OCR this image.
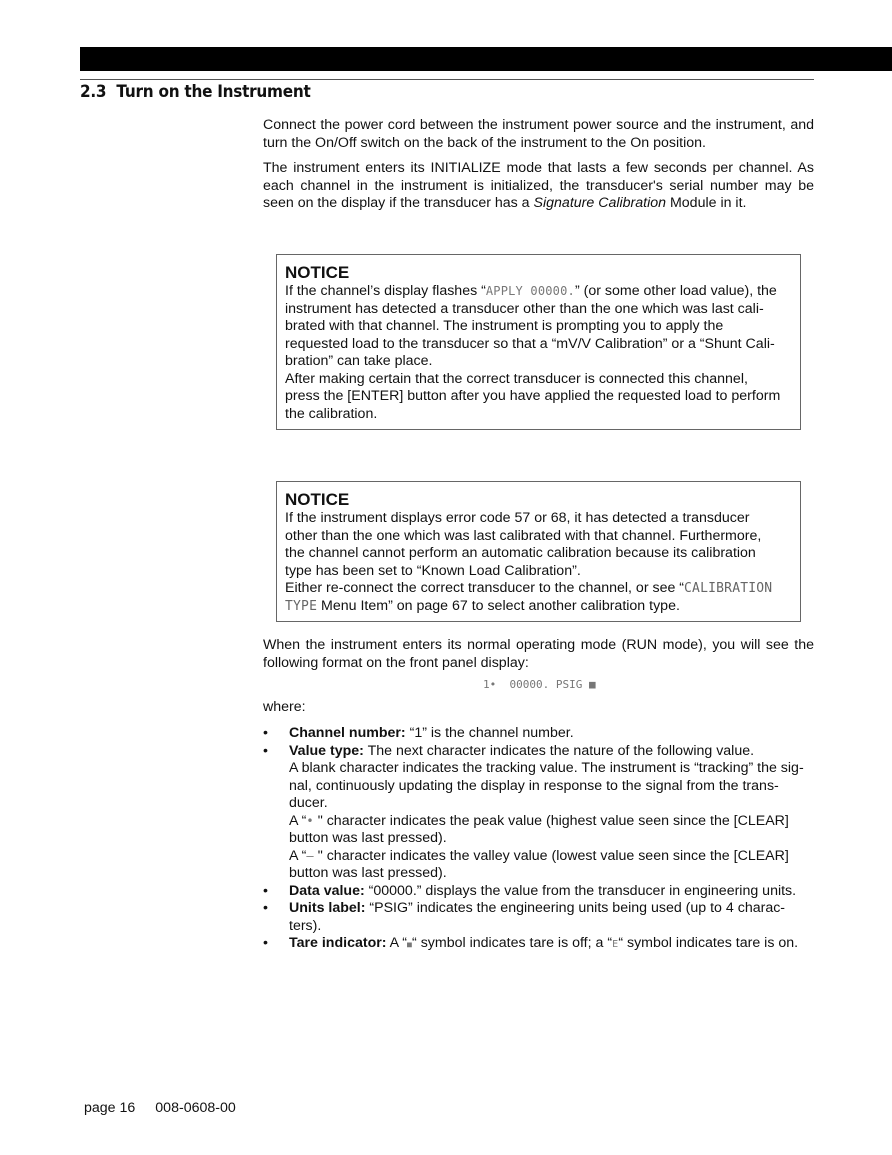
2.3 Turn on the Instrument

Connect the power cord between the instrument power source and the instrument, and turn the On/Off switch on the back of the instrument to the On position.

The instrument enters its INITIALIZE mode that lasts a few seconds per channel. As each channel in the instrument is initialized, the transducer's serial number may be seen on the display if the transducer has a Signature Calibration Module in it.

NOTICE

If the channel’s display flashes “APPLY 00000.” (or some other load value), the

instrument has detected a transducer other than the one which was last cali-

brated with that channel. The instrument is prompting you to apply the

requested load to the transducer so that a “mV/V Calibration” or a “Shunt Cali-

bration” can take place.

After making certain that the correct transducer is connected this channel,

press the [ENTER] button after you have applied the requested load to perform

the calibration.

NOTICE

If the instrument displays error code 57 or 68, it has detected a transducer

other than the one which was last calibrated with that channel. Furthermore,

the channel cannot perform an automatic calibration because its calibration

type has been set to “Known Load Calibration”.

Either re-connect the correct transducer to the channel, or see “CALIBRATION

TYPE Menu Item” on page 67 to select another calibration type.

When the instrument enters its normal operating mode (RUN mode), you will see the following format on the front panel display:

1•  00000. PSIG ■

where:

• Channel number: “1” is the channel number.
• Value type: The next character indicates the nature of the following value.
A blank character indicates the tracking value. The instrument is “tracking” the sig-
nal, continuously updating the display in response to the signal from the trans-
ducer.
A “• " character indicates the peak value (highest value seen since the [CLEAR]
button was last pressed).
A “– " character indicates the valley value (lowest value seen since the [CLEAR]
button was last pressed).
• Data value: “00000.” displays the value from the transducer in engineering units.
• Units label: “PSIG” indicates the engineering units being used (up to 4 charac-
ters).
• Tare indicator: A “■“ symbol indicates tare is off; a “E“ symbol indicates tare is on.

page 16 008-0608-00
